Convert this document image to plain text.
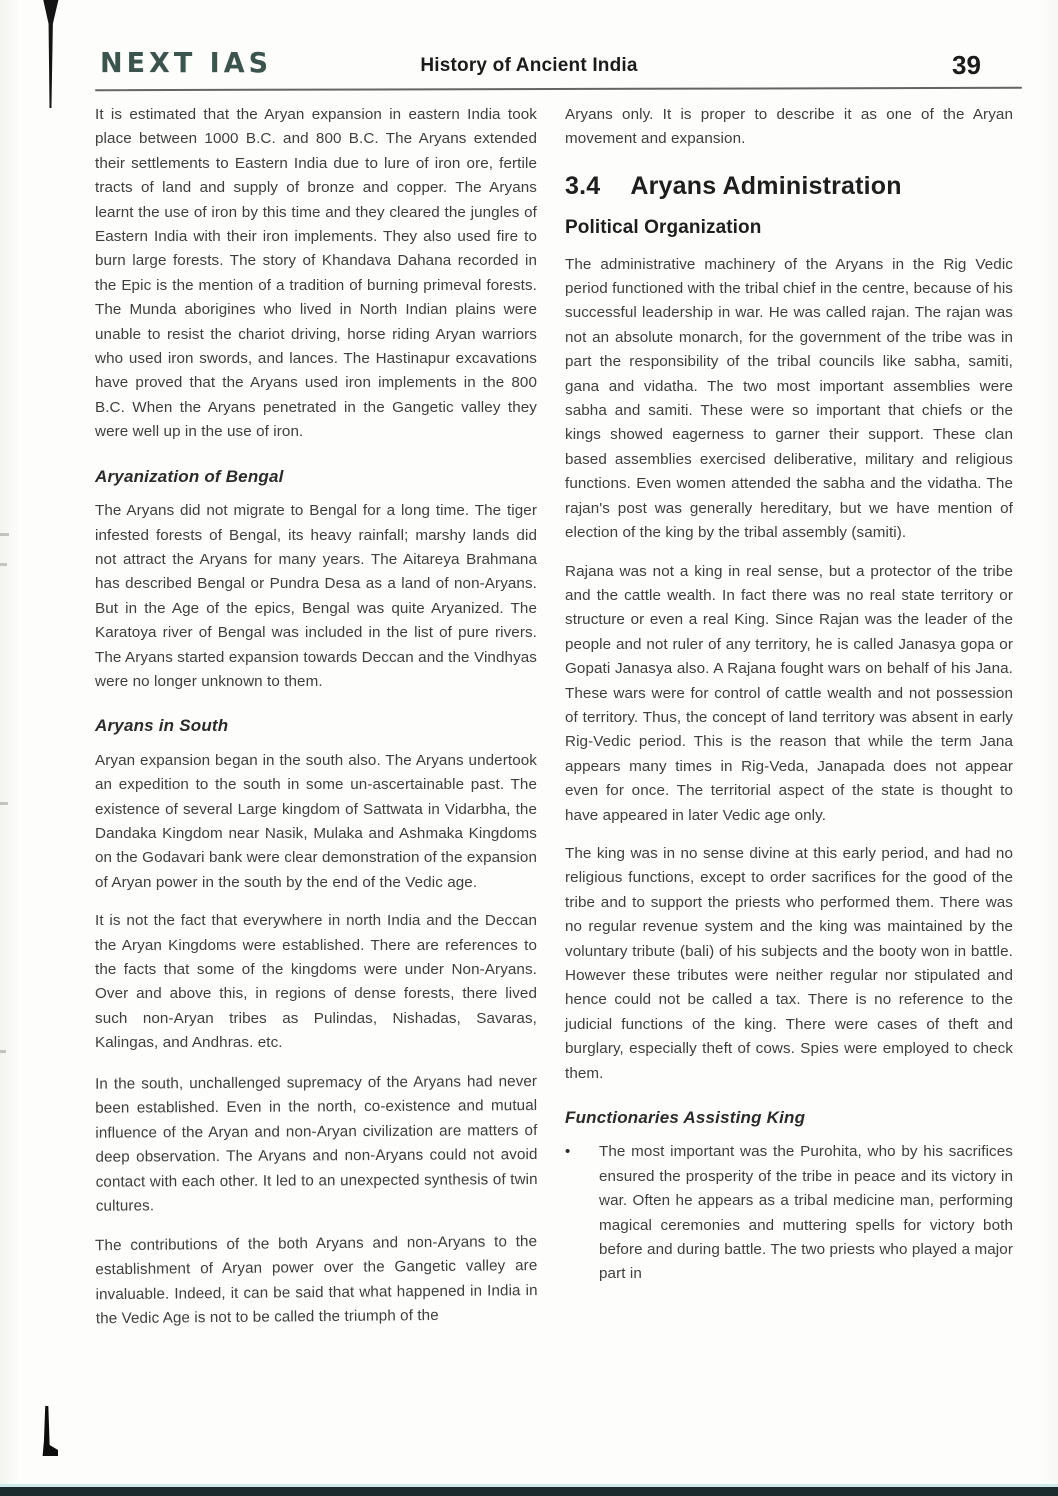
NEXT IAS	History of Ancient India	39

It is estimated that the Aryan expansion in eastern India took place between 1000 B.C. and 800 B.C. The Aryans extended their settlements to Eastern India due to lure of iron ore, fertile tracts of land and supply of bronze and copper. The Aryans learnt the use of iron by this time and they cleared the jungles of Eastern India with their iron implements. They also used fire to burn large forests. The story of Khandava Dahana recorded in the Epic is the mention of a tradition of burning primeval forests. The Munda aborigines who lived in North Indian plains were unable to resist the chariot driving, horse riding Aryan warriors who used iron swords, and lances. The Hastinapur excavations have proved that the Aryans used iron implements in the 800 B.C. When the Aryans penetrated in the Gangetic valley they were well up in the use of iron.

Aryanization of Bengal

The Aryans did not migrate to Bengal for a long time. The tiger infested forests of Bengal, its heavy rainfall; marshy lands did not attract the Aryans for many years. The Aitareya Brahmana has described Bengal or Pundra Desa as a land of non-Aryans. But in the Age of the epics, Bengal was quite Aryanized. The Karatoya river of Bengal was included in the list of pure rivers. The Aryans started expansion towards Deccan and the Vindhyas were no longer unknown to them.

Aryans in South

Aryan expansion began in the south also. The Aryans undertook an expedition to the south in some un-ascertainable past. The existence of several Large kingdom of Sattwata in Vidarbha, the Dandaka Kingdom near Nasik, Mulaka and Ashmaka Kingdoms on the Godavari bank were clear demonstration of the expansion of Aryan power in the south by the end of the Vedic age.

It is not the fact that everywhere in north India and the Deccan the Aryan Kingdoms were established. There are references to the facts that some of the kingdoms were under Non-Aryans. Over and above this, in regions of dense forests, there lived such non-Aryan tribes as Pulindas, Nishadas, Savaras, Kalingas, and Andhras. etc.

In the south, unchallenged supremacy of the Aryans had never been established. Even in the north, co-existence and mutual influence of the Aryan and non-Aryan civilization are matters of deep observation. The Aryans and non-Aryans could not avoid contact with each other. It led to an unexpected synthesis of twin cultures.

The contributions of the both Aryans and non-Aryans to the establishment of Aryan power over the Gangetic valley are invaluable. Indeed, it can be said that what happened in India in the Vedic Age is not to be called the triumph of the

Aryans only. It is proper to describe it as one of the Aryan movement and expansion.

3.4 Aryans Administration
Political Organization

The administrative machinery of the Aryans in the Rig Vedic period functioned with the tribal chief in the centre, because of his successful leadership in war. He was called rajan. The rajan was not an absolute monarch, for the government of the tribe was in part the responsibility of the tribal councils like sabha, samiti, gana and vidatha. The two most important assemblies were sabha and samiti. These were so important that chiefs or the kings showed eagerness to garner their support. These clan based assemblies exercised deliberative, military and religious functions. Even women attended the sabha and the vidatha. The rajan's post was generally hereditary, but we have mention of election of the king by the tribal assembly (samiti).

Rajana was not a king in real sense, but a protector of the tribe and the cattle wealth. In fact there was no real state territory or structure or even a real King. Since Rajan was the leader of the people and not ruler of any territory, he is called Janasya gopa or Gopati Janasya also. A Rajana fought wars on behalf of his Jana. These wars were for control of cattle wealth and not possession of territory. Thus, the concept of land territory was absent in early Rig-Vedic period. This is the reason that while the term Jana appears many times in Rig-Veda, Janapada does not appear even for once. The territorial aspect of the state is thought to have appeared in later Vedic age only.

The king was in no sense divine at this early period, and had no religious functions, except to order sacrifices for the good of the tribe and to support the priests who performed them. There was no regular revenue system and the king was maintained by the voluntary tribute (bali) of his subjects and the booty won in battle. However these tributes were neither regular nor stipulated and hence could not be called a tax. There is no reference to the judicial functions of the king. There were cases of theft and burglary, especially theft of cows. Spies were employed to check them.

Functionaries Assisting King
•	The most important was the Purohita, who by his sacrifices ensured the prosperity of the tribe in peace and its victory in war. Often he appears as a tribal medicine man, performing magical ceremonies and muttering spells for victory both before and during battle. The two priests who played a major part in
